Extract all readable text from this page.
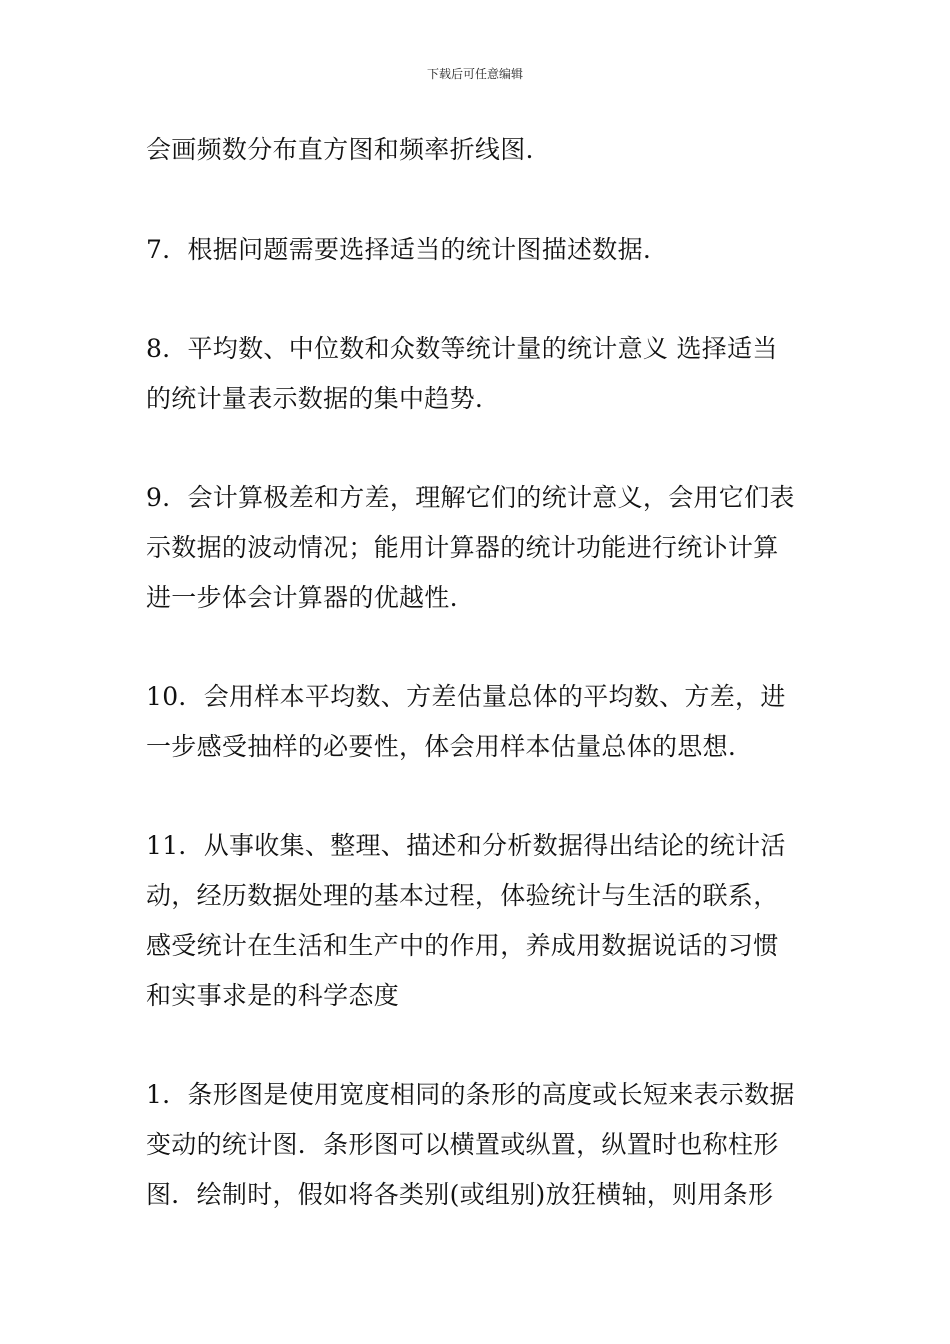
下载后可任意编辑
会画频数分布直方图和频率折线图.
7．根据问题需要选择适当的统计图描述数据.
8．平均数、中位数和众数等统计量的统计意义 选择适当
的统计量表示数据的集中趋势.
9．会计算极差和方差，理解它们的统计意义，会用它们表
示数据的波动情况；能用计算器的统计功能进行统讣计算
进一步体会计算器的优越性.
10．会用样本平均数、方差估量总体的平均数、方差，进
一步感受抽样的必要性，体会用样本估量总体的思想.
11．从事收集、整理、描述和分析数据得出结论的统计活
动，经历数据处理的基本过程，体验统计与生活的联系，
感受统计在生活和生产中的作用，养成用数据说话的习惯
和实事求是的科学态度
1．条形图是使用宽度相同的条形的高度或长短来表示数据
变动的统计图．条形图可以横置或纵置，纵置时也称柱形
图．绘制时，假如将各类别(或组别)放狂横轴，则用条形
